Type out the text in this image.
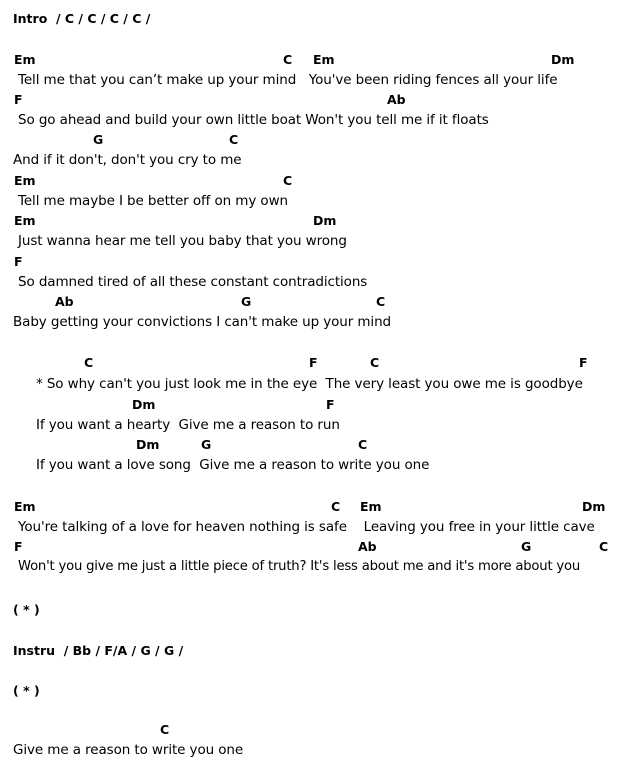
Intro  / C / C / C / C /

Em

	C

Em

	Dm

Tell me that you can’t make up your mind   You've been riding fences all your life

F

	Ab

So go ahead and build your own little boat Won't you tell me if it floats

G

	C

And if it don't, don't you cry to me

Em

	C

Tell me maybe I be better off on my own

Em

	Dm

Just wanna hear me tell you baby that you wrong

F

So damned tired of all these constant contradictions

Ab

	G

	C

Baby getting your convictions I can't make up your mind

C

	F

	C

	F

* So why can't you just look me in the eye  The very least you owe me is goodbye

Dm

	F

If you want a hearty  Give me a reason to run

Dm

	G

	C

If you want a love song  Give me a reason to write you one

Em

	C

Em

	Dm

You're talking of a love for heaven nothing is safe    Leaving you free in your little cave

F

	Ab

	G

	C

Won't you give me just a little piece of truth? It's less about me and it's more about you
( * )
Instru  / Bb / F/A / G / G /
( * )

C

Give me a reason to write you one
